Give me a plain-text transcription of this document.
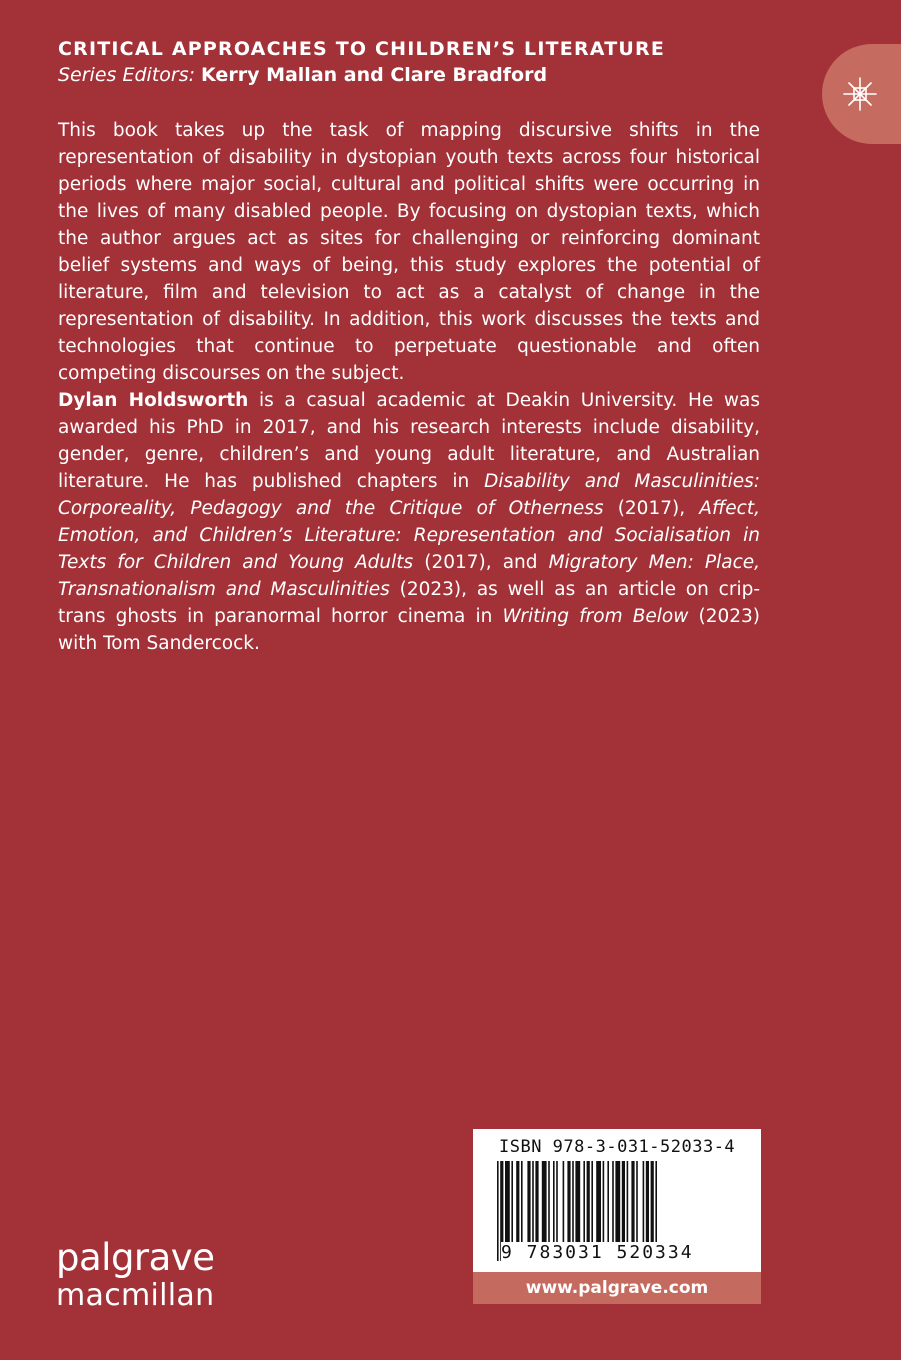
CRITICAL APPROACHES TO CHILDREN’S LITERATURE

Series Editors: Kerry Mallan and Clare Bradford

This book takes up the task of mapping discursive shifts in the representation of disability in dystopian youth texts across four historical periods where major social, cultural and political shifts were occurring in the lives of many disabled people. By focusing on dystopian texts, which the author argues act as sites for challenging or reinforcing dominant belief systems and ways of being, this study explores the potential of literature, film and television to act as a catalyst of change in the representation of disability. In addition, this work discusses the texts and technologies that continue to perpetuate questionable and often competing discourses on the subject.

Dylan Holdsworth is a casual academic at Deakin University. He was awarded his PhD in 2017, and his research interests include disability, gender, genre, children’s and young adult literature, and Australian literature. He has published chapters in Disability and Masculinities: Corporeality, Pedagogy and the Critique of Otherness (2017), Affect, Emotion, and Children’s Literature: Representation and Socialisation in Texts for Children and Young Adults (2017), and Migratory Men: Place, Transnationalism and Masculinities (2023), as well as an article on crip-trans ghosts in paranormal horror cinema in Writing from Below (2023) with Tom Sandercock.

ISBN 978-3-031-52033-4

9 783031 520334

www.palgrave.com

palgrave
macmillan
